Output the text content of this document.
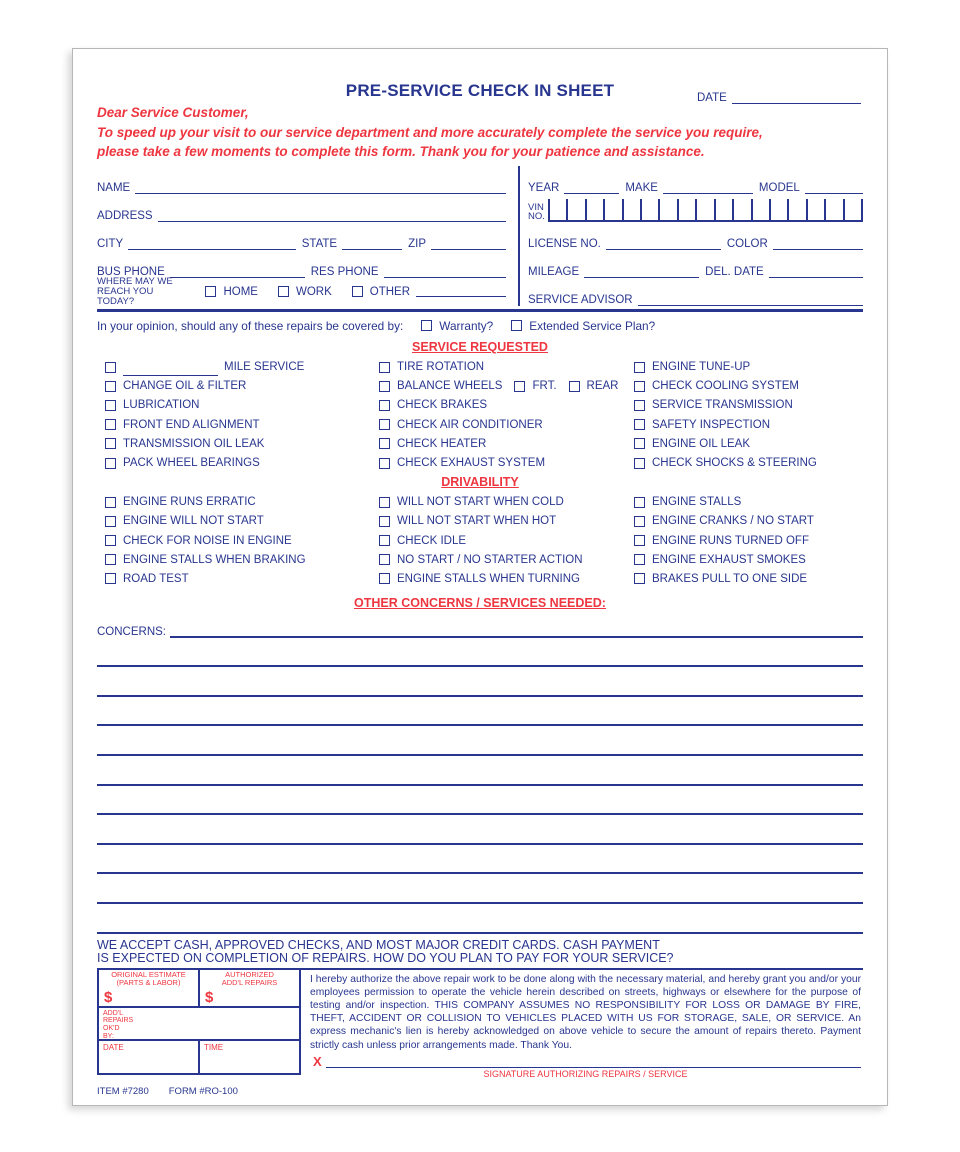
PRE-SERVICE CHECK IN SHEET	DATE
Dear Service Customer,
To speed up your visit to our service department and more accurately complete the service you require,
please take a few moments to complete this form. Thank you for your patience and assistance.
NAME
ADDRESS
CITY	STATE	ZIP
BUS PHONE	RES PHONE
WHERE MAY WE
REACH YOU TODAY?
HOME	WORK	OTHER
YEAR	MAKE	MODEL
VIN
NO.
LICENSE NO.	COLOR
MILEAGE	DEL. DATE
SERVICE ADVISOR
In your opinion, should any of these repairs be covered by:	Warranty?	Extended Service Plan?
SERVICE REQUESTED
MILE SERVICE
CHANGE OIL & FILTER
LUBRICATION
FRONT END ALIGNMENT
TRANSMISSION OIL LEAK
PACK WHEEL BEARINGS
TIRE ROTATION
BALANCE WHEELS	FRT.	REAR
CHECK BRAKES
CHECK AIR CONDITIONER
CHECK HEATER
CHECK EXHAUST SYSTEM
ENGINE TUNE-UP
CHECK COOLING SYSTEM
SERVICE TRANSMISSION
SAFETY INSPECTION
ENGINE OIL LEAK
CHECK SHOCKS & STEERING
DRIVABILITY
ENGINE RUNS ERRATIC
ENGINE WILL NOT START
CHECK FOR NOISE IN ENGINE
ENGINE STALLS WHEN BRAKING
ROAD TEST
WILL NOT START WHEN COLD
WILL NOT START WHEN HOT
CHECK IDLE
NO START / NO STARTER ACTION
ENGINE STALLS WHEN TURNING
ENGINE STALLS
ENGINE CRANKS / NO START
ENGINE RUNS TURNED OFF
ENGINE EXHAUST SMOKES
BRAKES PULL TO ONE SIDE
OTHER CONCERNS / SERVICES NEEDED:
CONCERNS:
WE ACCEPT CASH, APPROVED CHECKS, AND MOST MAJOR CREDIT CARDS. CASH PAYMENT
IS EXPECTED ON COMPLETION OF REPAIRS. HOW DO YOU PLAN TO PAY FOR YOUR SERVICE?
ORIGINAL ESTIMATE
(PARTS & LABOR)
$
AUTHORIZED
ADD'L REPAIRS
$
ADD'L
REPAIRS
OK'D
BY:
DATE	TIME
I hereby authorize the above repair work to be done along with the necessary material, and hereby grant you and/or your employees permission to operate the vehicle herein described on streets, highways or elsewhere for the purpose of testing and/or inspection. THIS COMPANY ASSUMES NO RESPONSIBILITY FOR LOSS OR DAMAGE BY FIRE, THEFT, ACCIDENT OR COLLISION TO VEHICLES PLACED WITH US FOR STORAGE, SALE, OR SERVICE. An express mechanic's lien is hereby acknowledged on above vehicle to secure the amount of repairs thereto. Payment strictly cash unless prior arrangements made. Thank You.
X
SIGNATURE AUTHORIZING REPAIRS / SERVICE
ITEM #7280 FORM #RO-100
